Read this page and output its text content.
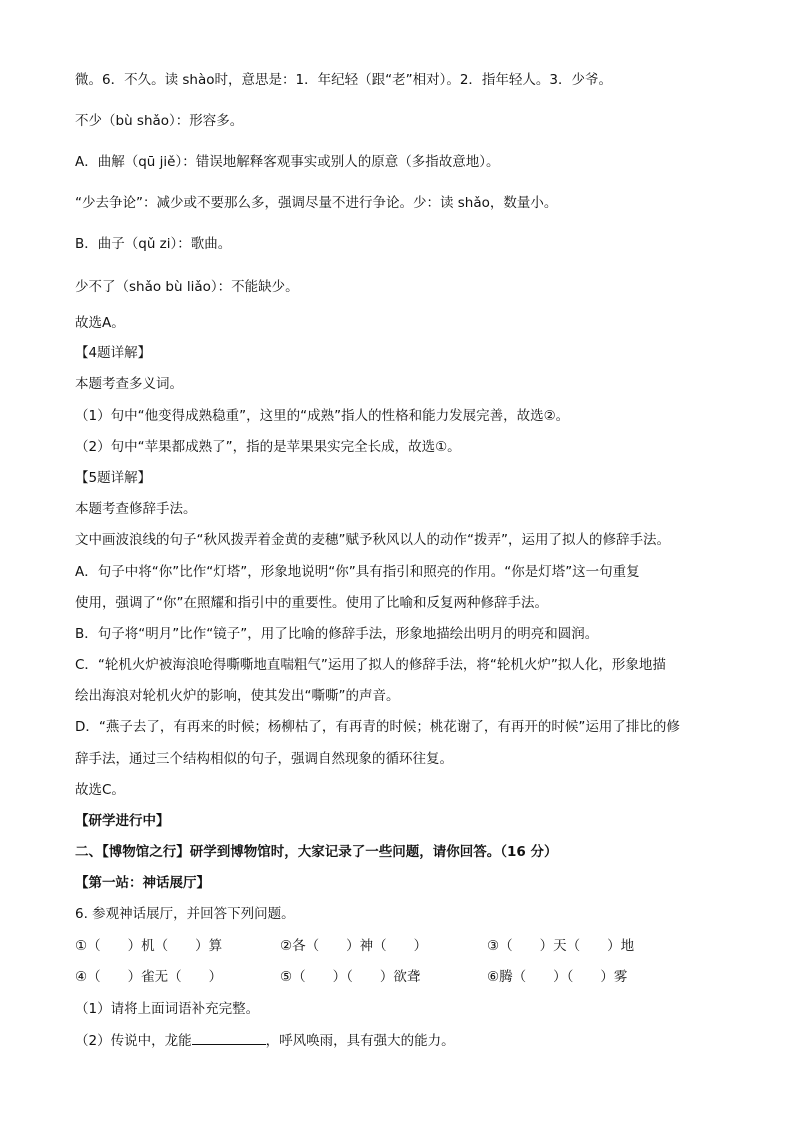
微。6．不久。读 shào时，意思是：1．年纪轻（跟“老”相对）。2．指年轻人。3．少爷。
不少（bù shǎo）：形容多。
A．曲解（qū jiě）：错误地解释客观事实或别人的原意（多指故意地）。
“少去争论”：减少或不要那么多，强调尽量不进行争论。少：读 shǎo，数量小。
B．曲子（qǔ zi）：歌曲。
少不了（shǎo bù liǎo）：不能缺少。
故选A。
【4题详解】
本题考查多义词。
（1）句中“他变得成熟稳重”，这里的“成熟”指人的性格和能力发展完善，故选②。
（2）句中“苹果都成熟了”，指的是苹果果实完全长成，故选①。
【5题详解】
本题考查修辞手法。
文中画波浪线的句子“秋风拨弄着金黄的麦穗”赋予秋风以人的动作“拨弄”，运用了拟人的修辞手法。
A．句子中将“你”比作“灯塔”，形象地说明“你”具有指引和照亮的作用。“你是灯塔”这一句重复
使用，强调了“你”在照耀和指引中的重要性。使用了比喻和反复两种修辞手法。
B．句子将“明月”比作“镜子”，用了比喻的修辞手法，形象地描绘出明月的明亮和圆润。
C．“轮机火炉被海浪呛得嘶嘶地直喘粗气”运用了拟人的修辞手法，将“轮机火炉”拟人化，形象地描
绘出海浪对轮机火炉的影响，使其发出“嘶嘶”的声音。
D．“燕子去了，有再来的时候；杨柳枯了，有再青的时候；桃花谢了，有再开的时候”运用了排比的修
辞手法，通过三个结构相似的句子，强调自然现象的循环往复。
故选C。
【研学进行中】
二、【博物馆之行】研学到博物馆时，大家记录了一些问题，请你回答。（16 分）
【第一站：神话展厅】
6. 参观神话展厅，并回答下列问题。
①（　　）机（　　）算	②各（　　）神（　　）	③（　　）天（　　）地
④（　　）雀无（　　）	⑤（　　）（　　）欲聋	⑥腾（　　）（　　）雾
（1）请将上面词语补充完整。
（2）传说中，龙能	，呼风唤雨，具有强大的能力。
